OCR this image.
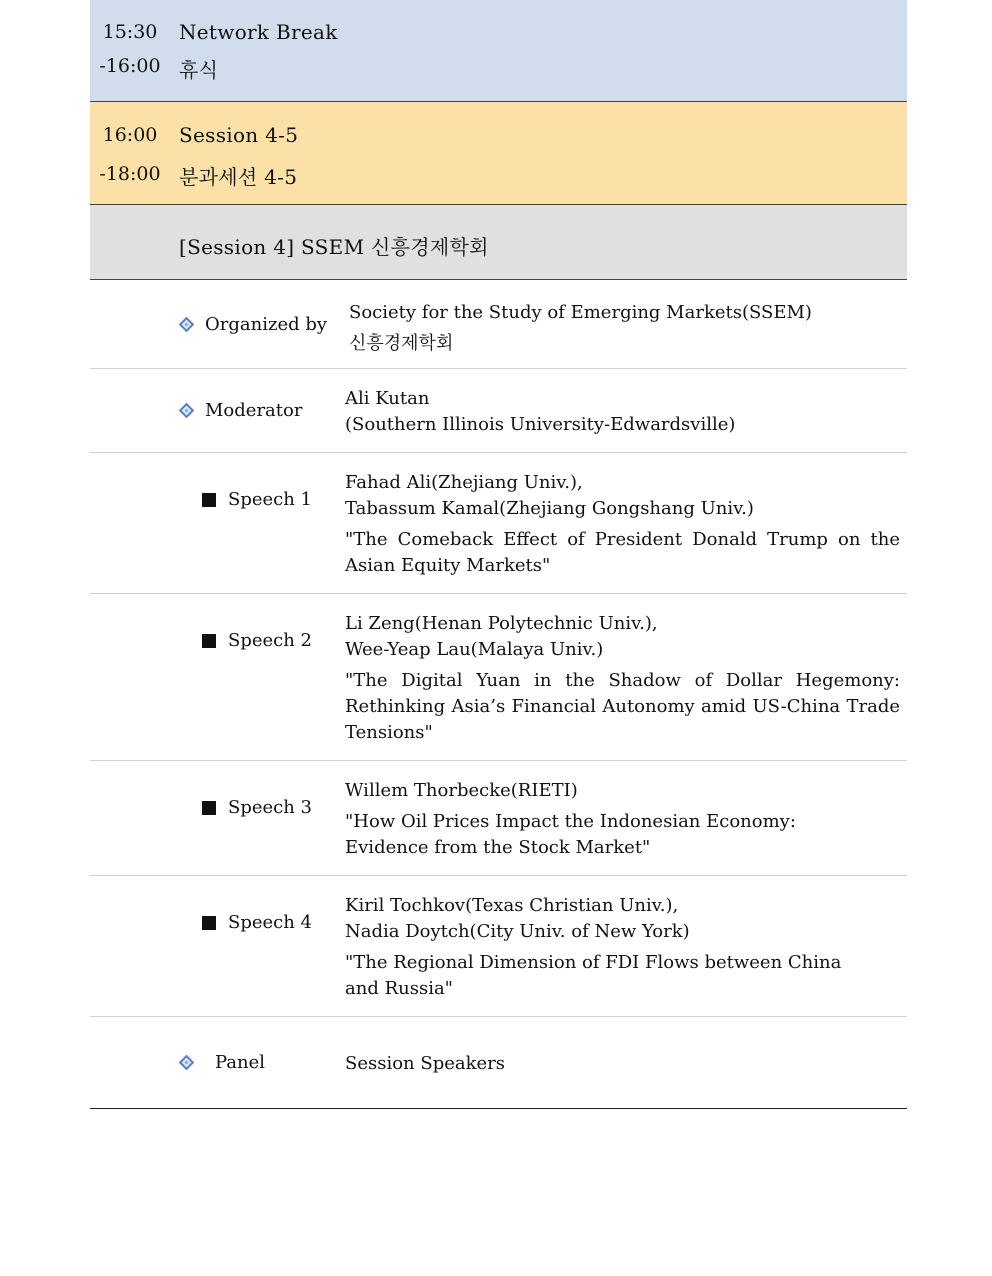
15:30
-16:00
Network Break
휴식
16:00
-18:00
Session 4-5
분과세션 4-5
[Session 4] SSEM 신흥경제학회
Organized by
Society for the Study of Emerging Markets(SSEM)
신흥경제학회
Moderator
Ali Kutan
(Southern Illinois University-Edwardsville)
Speech 1
Fahad Ali(Zhejiang Univ.),
Tabassum Kamal(Zhejiang Gongshang Univ.)
"The Comeback Effect of President Donald Trump on the Asian Equity Markets"
Speech 2
Li Zeng(Henan Polytechnic Univ.),
Wee-Yeap Lau(Malaya Univ.)
"The Digital Yuan in the Shadow of Dollar Hegemony: Rethinking Asia’s Financial Autonomy amid US-China Trade Tensions"
Speech 3
Willem Thorbecke(RIETI)
"How Oil Prices Impact the Indonesian Economy: Evidence from the Stock Market"
Speech 4
Kiril Tochkov(Texas Christian Univ.),
Nadia Doytch(City Univ. of New York)
"The Regional Dimension of FDI Flows between China and Russia"
Panel	Session Speakers
